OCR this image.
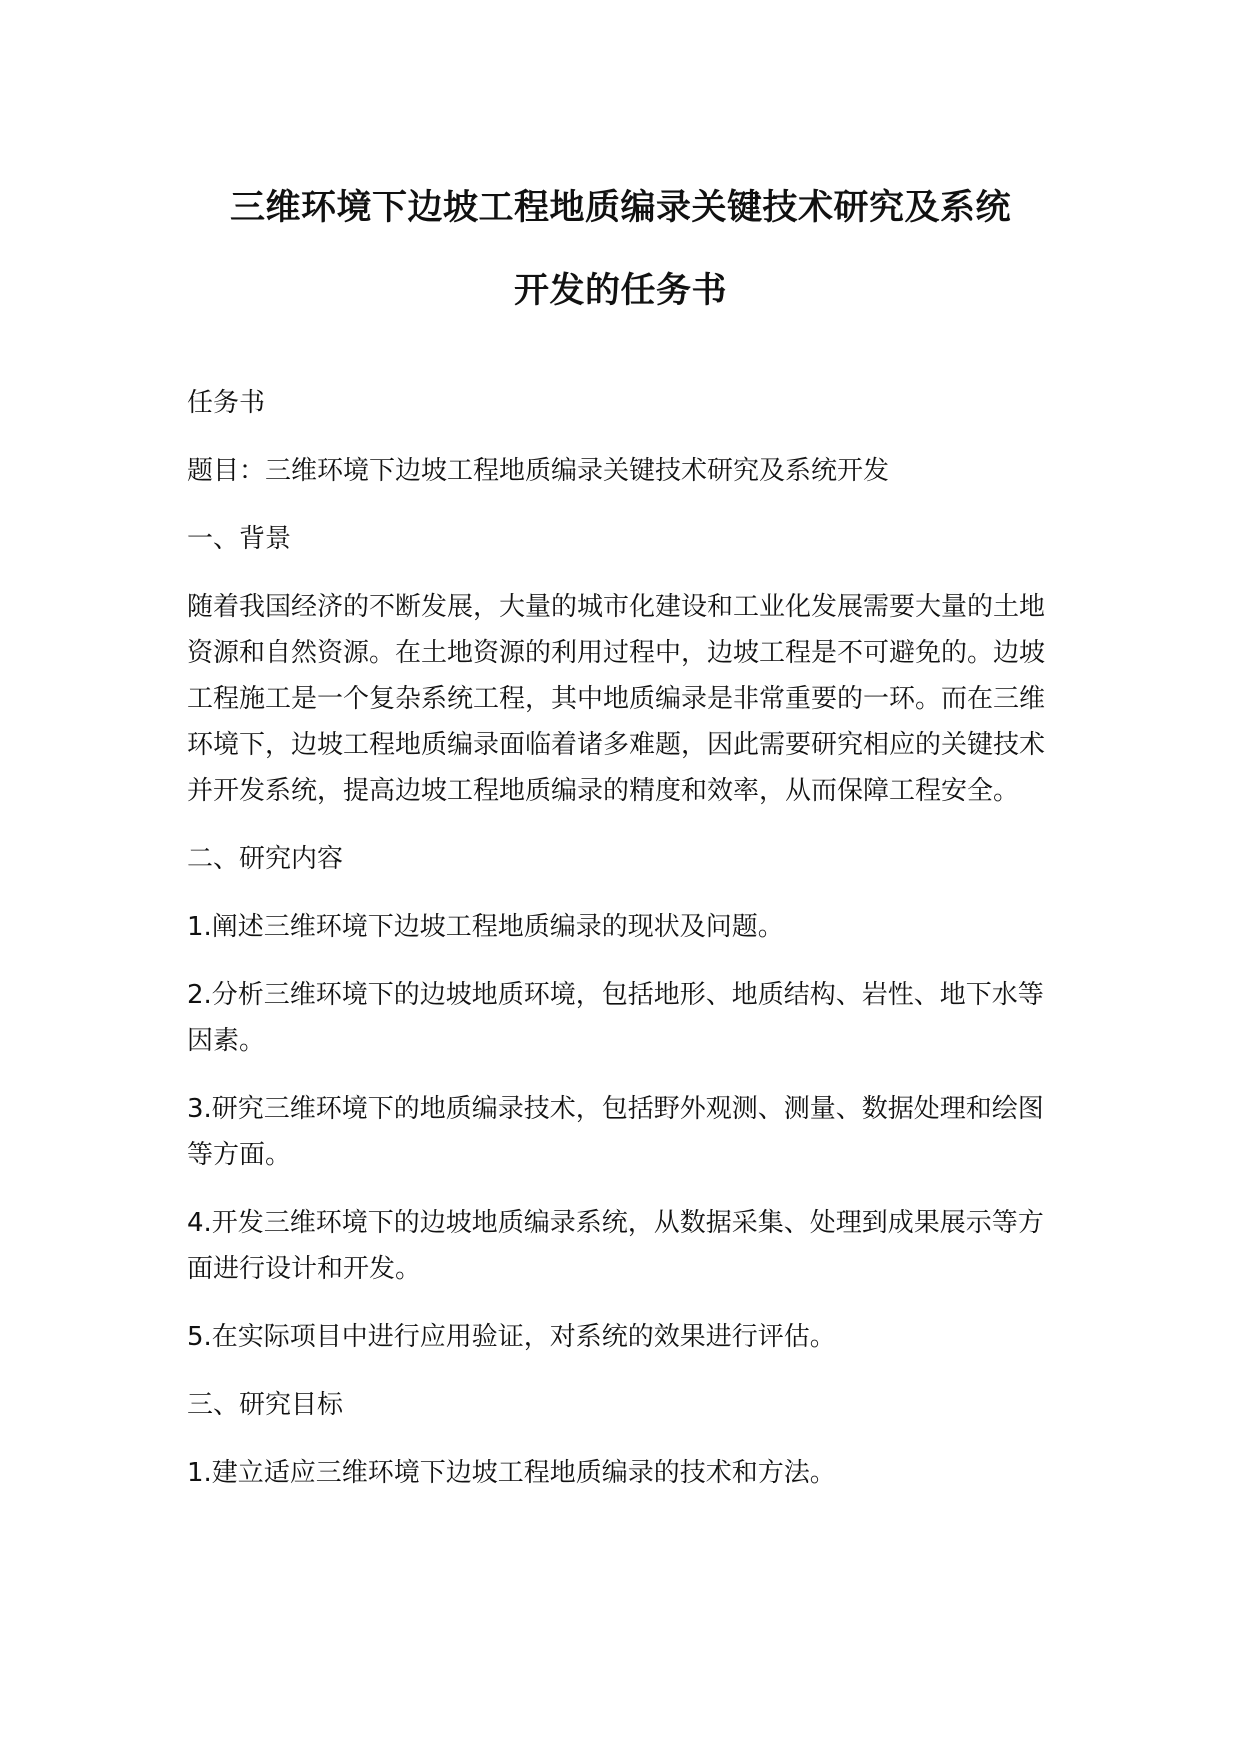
三维环境下边坡工程地质编录关键技术研究及系统
开发的任务书

任务书

题目：三维环境下边坡工程地质编录关键技术研究及系统开发

一、背景

随着我国经济的不断发展，大量的城市化建设和工业化发展需要大量的土地资源和自然资源。在土地资源的利用过程中，边坡工程是不可避免的。边坡工程施工是一个复杂系统工程，其中地质编录是非常重要的一环。而在三维环境下，边坡工程地质编录面临着诸多难题，因此需要研究相应的关键技术并开发系统，提高边坡工程地质编录的精度和效率，从而保障工程安全。

二、研究内容

1.阐述三维环境下边坡工程地质编录的现状及问题。

2.分析三维环境下的边坡地质环境，包括地形、地质结构、岩性、地下水等因素。

3.研究三维环境下的地质编录技术，包括野外观测、测量、数据处理和绘图等方面。

4.开发三维环境下的边坡地质编录系统，从数据采集、处理到成果展示等方面进行设计和开发。

5.在实际项目中进行应用验证，对系统的效果进行评估。

三、研究目标

1.建立适应三维环境下边坡工程地质编录的技术和方法。
